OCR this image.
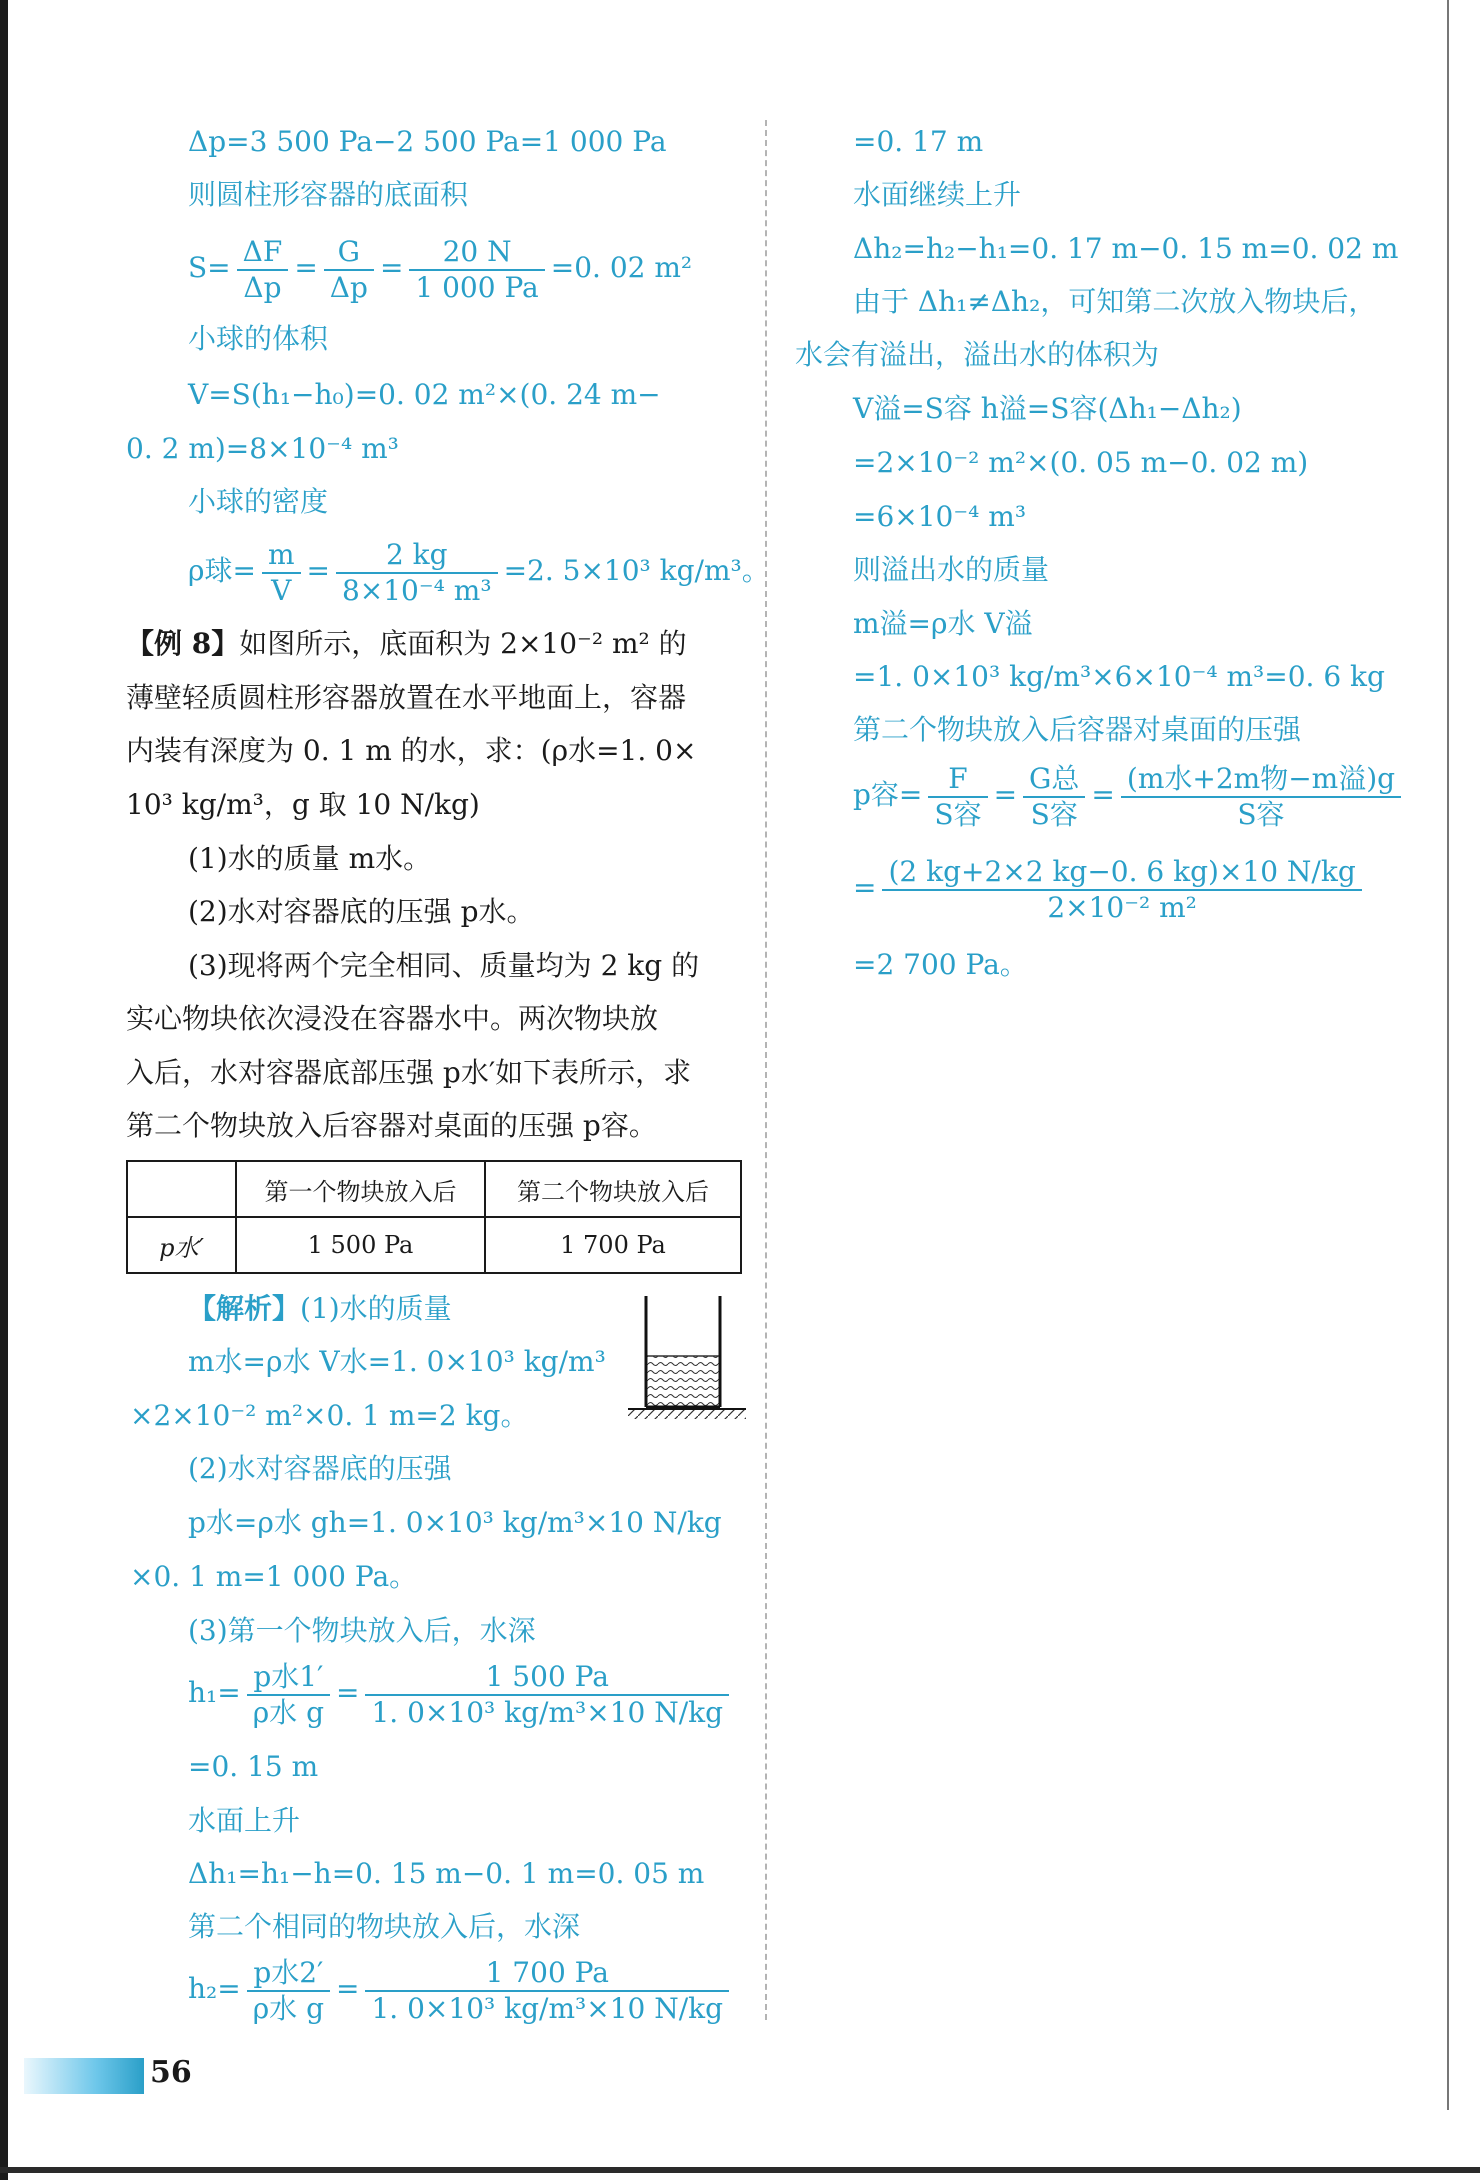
Δp=3 500 Pa−2 500 Pa=1 000 Pa
则圆柱形容器的底面积
$S= \frac{\Delta F}{\Delta p} = \frac{G}{\Delta p} = \frac{20 N}{1 000 Pa} =0$. 02 m²
小球的体积
V=S(h₁−h₀)=0. 02 m²×(0. 24 m−
0. 2 m)=8×10⁻⁴ m³
小球的密度
ρ球= $\frac{m}{V} = \frac{2 kg}{\text{8×10⁻⁴ m³}} =2$. 5×10³ kg/m³。
【例 8】如图所示，底面积为 2×10⁻² m² 的
薄壁轻质圆柱形容器放置在水平地面上，容器
内装有深度为 0. 1 m 的水，求：(ρ水=1. 0×
10³ kg/m³，g 取 10 N/kg)
(1)水的质量 m水。
(2)水对容器底的压强 p水。
(3)现将两个完全相同、质量均为 2 kg 的
实心物块依次浸没在容器水中。两次物块放
入后，水对容器底部压强 p水′如下表所示，求
第二个物块放入后容器对桌面的压强 p容。
	第一个物块放入后	第二个物块放入后
p水′	1 500 Pa	1 700 Pa
【解析】(1)水的质量
m水=ρ水 V水=1. 0×10³ kg/m³
×2×10⁻² m²×0. 1 m=2 kg。
(2)水对容器底的压强
p水=ρ水 gh=1. 0×10³ kg/m³×10 N/kg
×0. 1 m=1 000 Pa。
(3)第一个物块放入后，水深
$h_1= \frac{\text{p水1′}}{\text{ρ水 g}} = \frac{1 500 Pa}{\text{1. 0×10³ kg/m³×10 N/kg}}$
=0. 15 m
水面上升
Δh₁=h₁−h=0. 15 m−0. 1 m=0. 05 m
第二个相同的物块放入后，水深
$h_2= \frac{\text{p水2′}}{\text{ρ水 g}} = \frac{1 700 Pa}{\text{1. 0×10³ kg/m³×10 N/kg}}$
=0. 17 m
水面继续上升
Δh₂=h₂−h₁=0. 17 m−0. 15 m=0. 02 m
由于 Δh₁≠Δh₂，可知第二次放入物块后，
水会有溢出，溢出水的体积为
V溢=S容 h溢=S容(Δh₁−Δh₂)
=2×10⁻² m²×(0. 05 m−0. 02 m)
=6×10⁻⁴ m³
则溢出水的质量
m溢=ρ水 V溢
=1. 0×10³ kg/m³×6×10⁻⁴ m³=0. 6 kg
第二个物块放入后容器对桌面的压强
p容= $\frac{F}{\text{S容}} = \frac{\text{G总}}{\text{S容}} = \frac{\text{(m水+2m物−m溢)g}}{\text{S容}}$
= $\frac{(2 kg+2\times 2 kg-0. 6 kg)\times 10 N/kg}{\text{2×10⁻² m²}}$
=2 700 Pa。
56
